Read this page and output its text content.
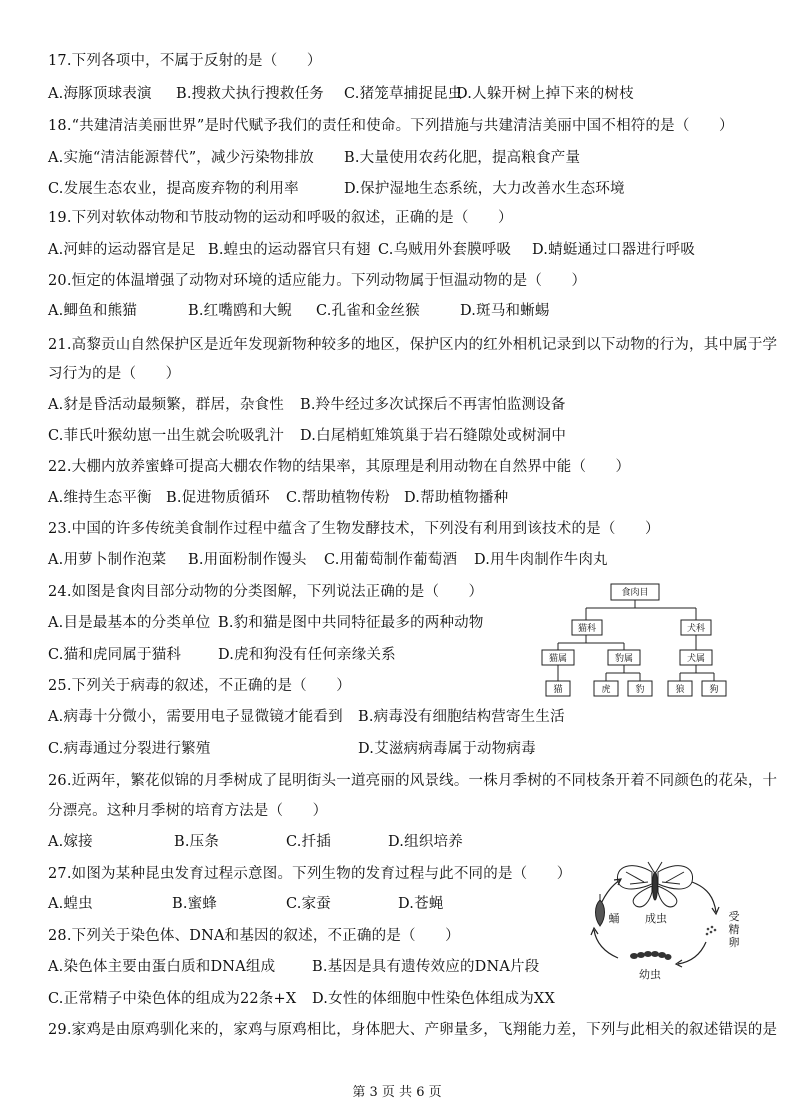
17.下列各项中，不属于反射的是（　　）
A.海豚顶球表演 B.搜救犬执行搜救任务 C.猪笼草捕捉昆虫
D.人躲开树上掉下来的树枝
18.“共建清洁美丽世界”是时代赋予我们的责任和使命。下列措施与共建清洁美丽中国不相符的是（　　）
A.实施“清洁能源替代”，减少污染物排放 B.大量使用农药化肥，提高粮食产量
C.发展生态农业，提高废弃物的利用率	D.保护湿地生态系统，大力改善水生态环境
19.下列对软体动物和节肢动物的运动和呼吸的叙述，正确的是（　　）
A.河蚌的运动器官是足 B.蝗虫的运动器官只有翅 C.乌贼用外套膜呼吸 D.蜻蜓通过口器进行呼吸
20.恒定的体温增强了动物对环境的适应能力。下列动物属于恒温动物的是（　　）
A.鲫鱼和熊猫	B.红嘴鸥和大鲵 C.孔雀和金丝猴	D.斑马和蜥蜴
21.高黎贡山自然保护区是近年发现新物种较多的地区，保护区内的红外相机记录到以下动物的行为，其中属于学
习行为的是（　　）
A.豺是昏活动最频繁，群居，杂食性 B.羚牛经过多次试探后不再害怕监测设备
C.菲氏叶猴幼崽一出生就会吮吸乳汁 D.白尾梢虹雉筑巢于岩石缝隙处或树洞中
22.大棚内放养蜜蜂可提高大棚农作物的结果率，其原理是利用动物在自然界中能（　　）
A.维持生态平衡 B.促进物质循环 C.帮助植物传粉 D.帮助植物播种
23.中国的许多传统美食制作过程中蕴含了生物发酵技术，下列没有利用到该技术的是（　　）
A.用萝卜制作泡菜 B.用面粉制作馒头 C.用葡萄制作葡萄酒 D.用牛肉制作牛肉丸
24.如图是食肉目部分动物的分类图解，下列说法正确的是（　　）
A.目是最基本的分类单位 B.豹和猫是图中共同特征最多的两种动物
C.猫和虎同属于猫科	D.虎和狗没有任何亲缘关系
25.下列关于病毒的叙述，不正确的是（　　）
A.病毒十分微小，需要用电子显微镜才能看到 B.病毒没有细胞结构营寄生生活
C.病毒通过分裂进行繁殖	D.艾滋病病毒属于动物病毒
26.近两年，繁花似锦的月季树成了昆明街头一道亮丽的风景线。一株月季树的不同枝条开着不同颜色的花朵，十
分漂亮。这种月季树的培育方法是（　　）
A.嫁接	B.压条	C.扦插	D.组织培养
27.如图为某种昆虫发育过程示意图。下列生物的发育过程与此不同的是（　　）
A.蝗虫	B.蜜蜂	C.家蚕	D.苍蝇
28.下列关于染色体、DNA和基因的叙述，不正确的是（　　）
A.染色体主要由蛋白质和DNA组成	B.基因是具有遗传效应的DNA片段
C.正常精子中染色体的组成为22条+X D.女性的体细胞中性染色体组成为XX
29.家鸡是由原鸡驯化来的，家鸡与原鸡相比，身体肥大、产卵量多，飞翔能力差，下列与此相关的叙述错误的是
食肉目
猫科	犬科
猫属	豹属	犬属
猫	虎	豹	狼	狗
成虫	受
精
卵
幼虫
蛹
第 3 页 共 6 页
